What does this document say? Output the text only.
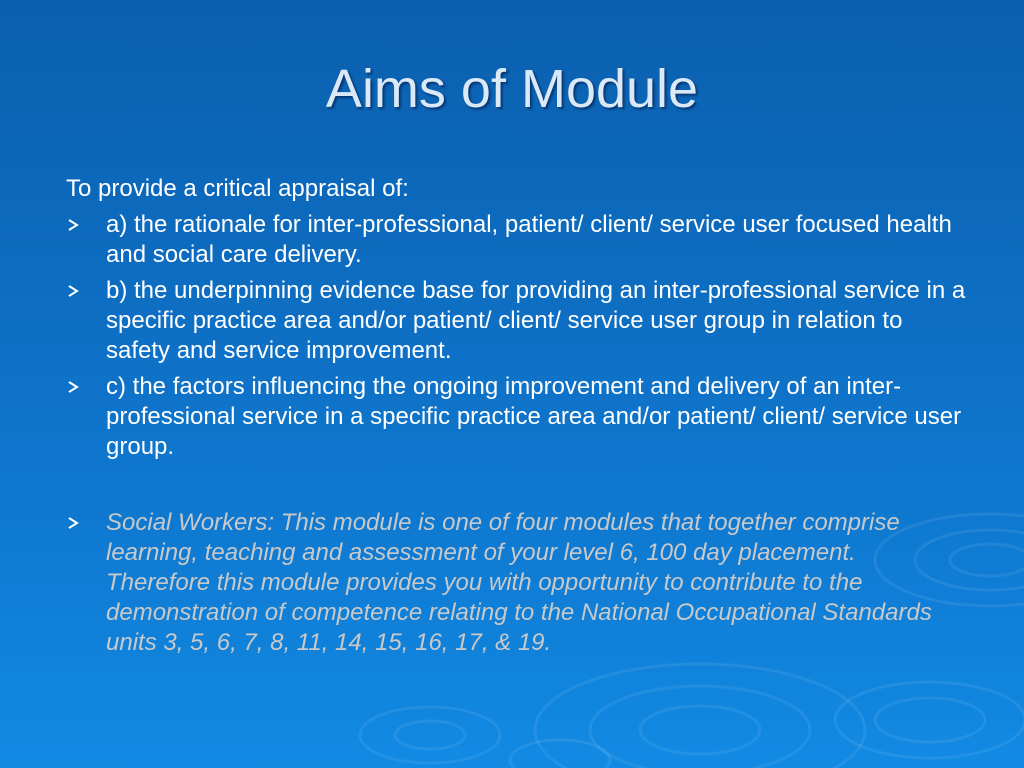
Aims of Module
To provide a critical appraisal of:
a) the rationale for inter-professional, patient/ client/ service user focused health and social care delivery.
b) the underpinning evidence base for providing an inter-professional service in a specific practice area and/or patient/ client/ service user group in relation to safety and service improvement.
c) the factors influencing the ongoing improvement and delivery of an inter-professional service in a specific practice area and/or patient/ client/ service user group.
Social Workers: This module is one of four modules that together comprise learning, teaching and assessment of your level 6, 100 day placement. Therefore this module provides you with opportunity to contribute to the demonstration of competence relating to the National Occupational Standards units 3, 5, 6, 7, 8, 11, 14, 15, 16, 17, & 19.
